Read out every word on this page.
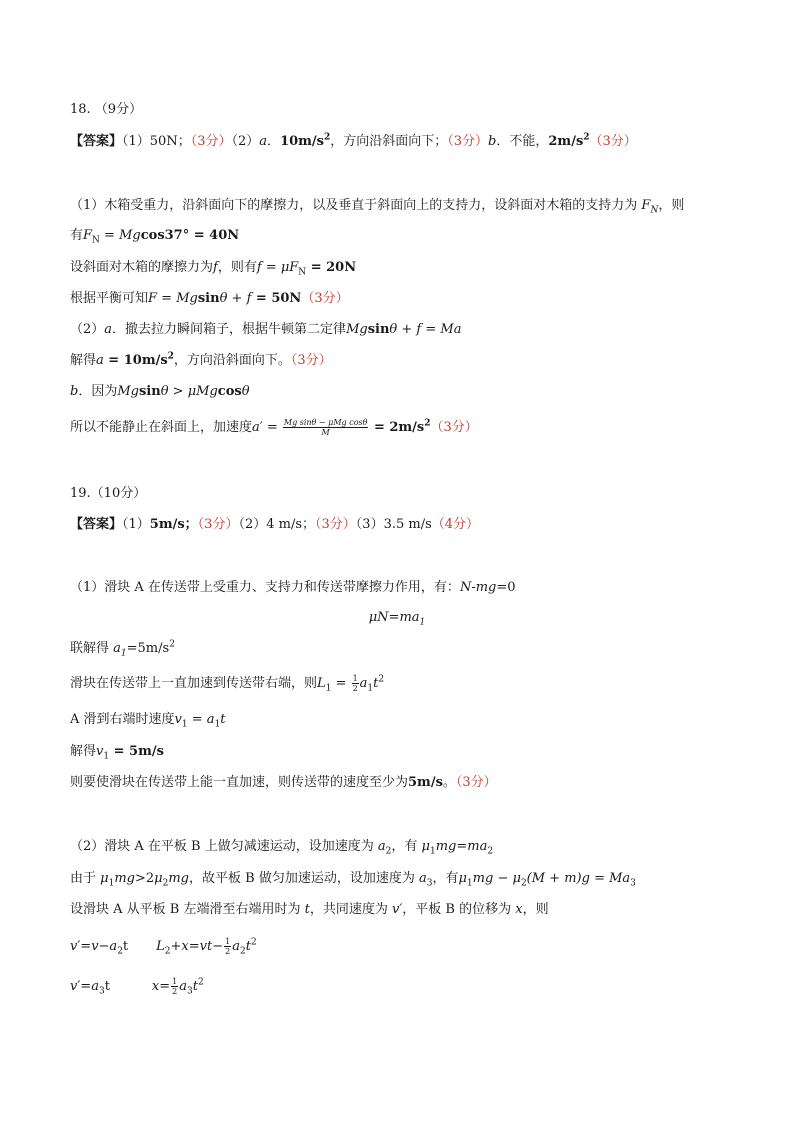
18. （9分）
【答案】（1）50N；（3分）（2）a．$10m/s^2$，方向沿斜面向下；（3分）b．不能，$2m/s^2(3$分）
（1）木箱受重力，沿斜面向下的摩擦力，以及垂直于斜面向上的支持力，设斜面对木箱的支持力为 $F_N$，则
有$F_N = Mgcos37^\circ = 40N$
设斜面对木箱的摩擦力为f，则有$f = \mu F_N = 20N$
根据平衡可知F = Mgsinθ + f = 50N（3分）
（2）a．撤去拉力瞬间箱子，根据牛顿第二定律Mgsinθ + f = Ma
解得$a = 10m/s^2$，方向沿斜面向下。（3分）
b．因为Mgsinθ > μMgcosθ
所以不能静止在斜面上，加速度$a' = \frac{\text{Mg sinθ − μMg cosθ}}{M} = 2m/s^2(3$分）
19.（10分）
【答案】（1）5m/s；（3分）（2）4 m/s；（3分）（3）3.5 m/s（4分）
（1）滑块 A 在传送带上受重力、支持力和传送带摩擦力作用，有：N-mg=0
$\mu N=ma_1$
联解得 $a_1=5m/s^2$
滑块在传送带上一直加速到传送带右端，则$L_1 = \frac{1}{2} a_1t^2$
A 滑到右端时速度$v_1 = a_1t$
解得$v_1 = 5m/s$
则要使滑块在传送带上能一直加速，则传送带的速度至少为5m/s。（3分）
（2）滑块 A 在平板 B 上做匀减速运动，设加速度为 $a_2$，有 $\mu_1mg=ma_2$
由于 $\mu_1mg>2\mu_2mg$，故平板 B 做匀加速运动，设加速度为 $a_3$，有$\mu_1mg - \mu_2(M + m)g = Ma_3$
设滑块 A 从平板 B 左端滑至右端用时为 t，共同速度为 v′，平板 B 的位移为 x，则
$v'=v-a_2t$ $L_2+x=vt- \frac{1}{2} a_2t^2$
$v'=a_3t$	$x= \frac{1}{2} a_3t^2$
